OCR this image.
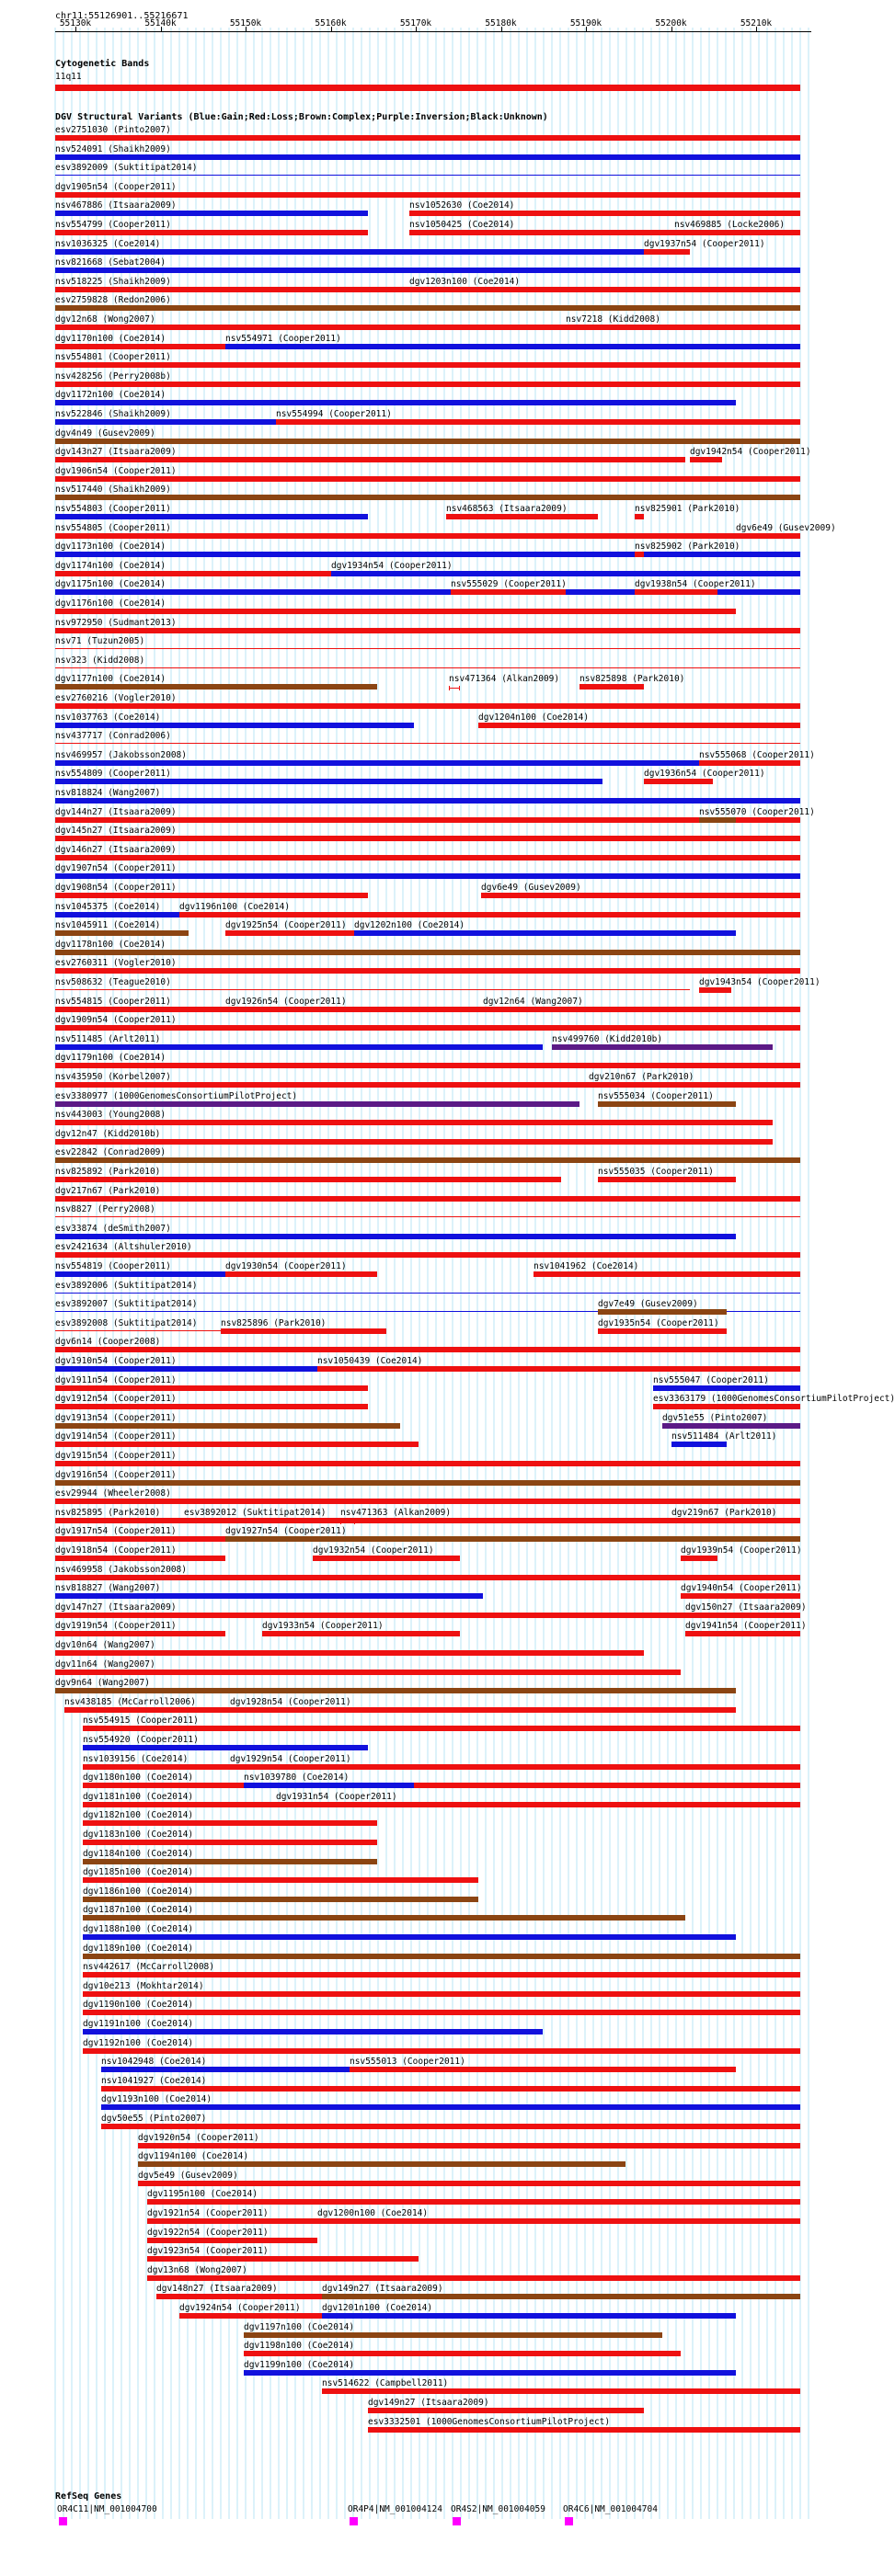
chr11:55126901..55216671
55130k	55140k	55150k	55160k	55170k	55180k	55190k	55200k	55210k
Cytogenetic Bands
11q11
DGV Structural Variants (Blue:Gain;Red:Loss;Brown:Complex;Purple:Inversion;Black:Unknown)
esv2751030 (Pinto2007)
nsv524091 (Shaikh2009)
esv3892009 (Suktitipat2014)
dgv1905n54 (Cooper2011)
nsv467886 (Itsaara2009)	nsv1052630 (Coe2014)
nsv554799 (Cooper2011)	nsv1050425 (Coe2014)	nsv469885 (Locke2006)
nsv1036325 (Coe2014)	dgv1937n54 (Cooper2011)
nsv821668 (Sebat2004)
nsv518225 (Shaikh2009)	dgv1203n100 (Coe2014)
esv2759828 (Redon2006)
dgv12n68 (Wong2007)	nsv7218 (Kidd2008)
dgv1170n100 (Coe2014)	nsv554971 (Cooper2011)
nsv554801 (Cooper2011)
nsv428256 (Perry2008b)
dgv1172n100 (Coe2014)
nsv522846 (Shaikh2009)	nsv554994 (Cooper2011)
dgv4n49 (Gusev2009)
dgv143n27 (Itsaara2009)	dgv1942n54 (Cooper2011)
dgv1906n54 (Cooper2011)
nsv517440 (Shaikh2009)
nsv554803 (Cooper2011)	nsv468563 (Itsaara2009)	nsv825901 (Park2010)
nsv554805 (Cooper2011)	dgv6e49 (Gusev2009)
dgv1173n100 (Coe2014)	nsv825902 (Park2010)
dgv1174n100 (Coe2014)	dgv1934n54 (Cooper2011)
dgv1175n100 (Coe2014)	nsv555029 (Cooper2011)	dgv1938n54 (Cooper2011)
dgv1176n100 (Coe2014)
nsv972950 (Sudmant2013)
nsv71 (Tuzun2005)
nsv323 (Kidd2008)
dgv1177n100 (Coe2014)	nsv471364 (Alkan2009) nsv825898 (Park2010)
esv2760216 (Vogler2010)
nsv1037763 (Coe2014)	dgv1204n100 (Coe2014)
nsv437717 (Conrad2006)
nsv469957 (Jakobsson2008)	nsv555068 (Cooper2011)
nsv554809 (Cooper2011)	dgv1936n54 (Cooper2011)
nsv818824 (Wang2007)
dgv144n27 (Itsaara2009)	nsv555070 (Cooper2011)
dgv145n27 (Itsaara2009)
dgv146n27 (Itsaara2009)
dgv1907n54 (Cooper2011)
dgv1908n54 (Cooper2011)	dgv6e49 (Gusev2009)
nsv1045375 (Coe2014) dgv1196n100 (Coe2014)
nsv1045911 (Coe2014)	dgv1925n54 (Cooper2011) dgv1202n100 (Coe2014)
dgv1178n100 (Coe2014)
esv2760311 (Vogler2010)
nsv508632 (Teague2010)	dgv1943n54 (Cooper2011)
nsv554815 (Cooper2011)	dgv1926n54 (Cooper2011)	dgv12n64 (Wang2007)
dgv1909n54 (Cooper2011)
nsv511485 (Arlt2011)	nsv499760 (Kidd2010b)
dgv1179n100 (Coe2014)
nsv435950 (Korbel2007)	dgv210n67 (Park2010)
esv3380977 (1000GenomesConsortiumPilotProject)	nsv555034 (Cooper2011)
nsv443003 (Young2008)
dgv12n47 (Kidd2010b)
esv22842 (Conrad2009)
nsv825892 (Park2010)	nsv555035 (Cooper2011)
dgv217n67 (Park2010)
nsv8827 (Perry2008)
esv33874 (deSmith2007)
esv2421634 (Altshuler2010)
nsv554819 (Cooper2011)	dgv1930n54 (Cooper2011)	nsv1041962 (Coe2014)
esv3892006 (Suktitipat2014)
esv3892007 (Suktitipat2014)	dgv7e49 (Gusev2009)
esv3892008 (Suktitipat2014)	nsv825896 (Park2010)	dgv1935n54 (Cooper2011)
dgv6n14 (Cooper2008)
dgv1910n54 (Cooper2011)	nsv1050439 (Coe2014)
dgv1911n54 (Cooper2011)	nsv555047 (Cooper2011)
dgv1912n54 (Cooper2011)	esv3363179 (1000GenomesConsortiumPilotProject)
dgv1913n54 (Cooper2011)	dgv51e55 (Pinto2007)
dgv1914n54 (Cooper2011)	nsv511484 (Arlt2011)
dgv1915n54 (Cooper2011)
dgv1916n54 (Cooper2011)
esv29944 (Wheeler2008)
nsv825895 (Park2010)	esv3892012 (Suktitipat2014) nsv471363 (Alkan2009)	dgv219n67 (Park2010)
dgv1917n54 (Cooper2011)	dgv1927n54 (Cooper2011)
dgv1918n54 (Cooper2011)	dgv1932n54 (Cooper2011)	dgv1939n54 (Cooper2011)
nsv469958 (Jakobsson2008)
nsv818827 (Wang2007)	dgv1940n54 (Cooper2011)
dgv147n27 (Itsaara2009)	dgv150n27 (Itsaara2009)
dgv1919n54 (Cooper2011)	dgv1933n54 (Cooper2011)	dgv1941n54 (Cooper2011)
dgv10n64 (Wang2007)
dgv11n64 (Wang2007)
dgv9n64 (Wang2007)
nsv438185 (McCarroll2006)	dgv1928n54 (Cooper2011)
nsv554915 (Cooper2011)
nsv554920 (Cooper2011)
nsv1039156 (Coe2014)	dgv1929n54 (Cooper2011)
dgv1180n100 (Coe2014)	nsv1039780 (Coe2014)
dgv1181n100 (Coe2014)	dgv1931n54 (Cooper2011)
dgv1182n100 (Coe2014)
dgv1183n100 (Coe2014)
dgv1184n100 (Coe2014)
dgv1185n100 (Coe2014)
dgv1186n100 (Coe2014)
dgv1187n100 (Coe2014)
dgv1188n100 (Coe2014)
dgv1189n100 (Coe2014)
nsv442617 (McCarroll2008)
dgv10e213 (Mokhtar2014)
dgv1190n100 (Coe2014)
dgv1191n100 (Coe2014)
dgv1192n100 (Coe2014)
nsv1042948 (Coe2014)	nsv555013 (Cooper2011)
nsv1041927 (Coe2014)
dgv1193n100 (Coe2014)
dgv50e55 (Pinto2007)
dgv1920n54 (Cooper2011)
dgv1194n100 (Coe2014)
dgv5e49 (Gusev2009)
dgv1195n100 (Coe2014)
dgv1921n54 (Cooper2011)	dgv1200n100 (Coe2014)
dgv1922n54 (Cooper2011)
dgv1923n54 (Cooper2011)
dgv13n68 (Wong2007)
dgv148n27 (Itsaara2009)	dgv149n27 (Itsaara2009)
dgv1924n54 (Cooper2011) dgv1201n100 (Coe2014)
dgv1197n100 (Coe2014)
dgv1198n100 (Coe2014)
dgv1199n100 (Coe2014)
nsv514622 (Campbell2011)
dgv149n27 (Itsaara2009)
esv3332501 (1000GenomesConsortiumPilotProject)
RefSeq Genes
OR4C11|NM_001004700	OR4P4|NM_001004124 OR4S2|NM_001004059 OR4C6|NM_001004704
